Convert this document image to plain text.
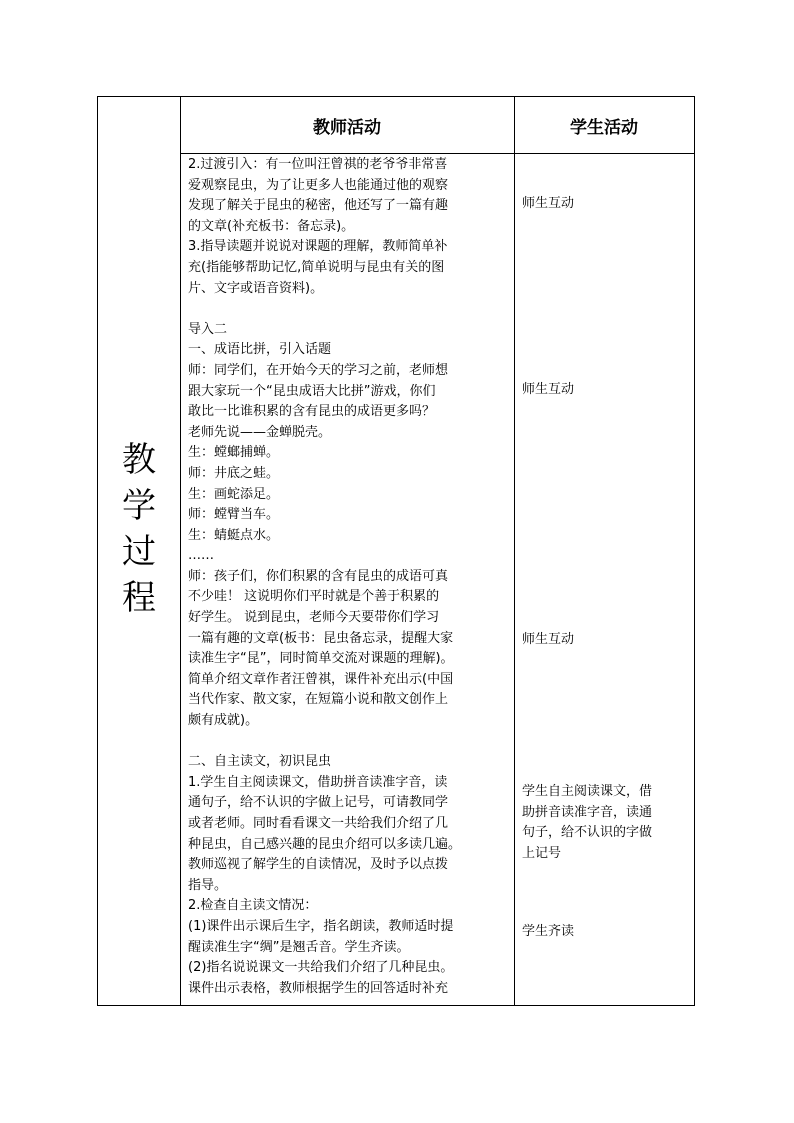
教师活动	学生活动
教
学
过
程
2.过渡引入：有一位叫汪曾祺的老爷爷非常喜
爱观察昆虫，为了让更多人也能通过他的观察
发现了解关于昆虫的秘密，他还写了一篇有趣
的文章(补充板书：备忘录)。
3.指导读题并说说对课题的理解，教师简单补
充(指能够帮助记忆,简单说明与昆虫有关的图
片、文字或语音资料)。
导入二
一、成语比拼，引入话题
师：同学们，在开始今天的学习之前，老师想
跟大家玩一个“昆虫成语大比拼”游戏，你们
敢比一比谁积累的含有昆虫的成语更多吗？
老师先说——金蝉脱壳。
生：螳螂捕蝉。
师：井底之蛙。
生：画蛇添足。
师：螳臂当车。
生：蜻蜓点水。
……
师：孩子们，你们积累的含有昆虫的成语可真
不少哇！ 这说明你们平时就是个善于积累的
好学生。 说到昆虫，老师今天要带你们学习
一篇有趣的文章(板书：昆虫备忘录，提醒大家
读准生字“昆”，同时简单交流对课题的理解)。
简单介绍文章作者汪曾祺，课件补充出示(中国
当代作家、散文家，在短篇小说和散文创作上
颇有成就)。
二、自主读文，初识昆虫
1.学生自主阅读课文，借助拼音读准字音，读
通句子，给不认识的字做上记号，可请教同学
或者老师。同时看看课文一共给我们介绍了几
种昆虫，自己感兴趣的昆虫介绍可以多读几遍。
教师巡视了解学生的自读情况，及时予以点拨
指导。
2.检查自主读文情况：
(1)课件出示课后生字，指名朗读，教师适时提
醒读准生字“绸”是翘舌音。学生齐读。
(2)指名说说课文一共给我们介绍了几种昆虫。
课件出示表格，教师根据学生的回答适时补充
师生互动
师生互动
师生互动
学生自主阅读课文，借
助拼音读准字音，读通
句子，给不认识的字做
上记号
学生齐读
